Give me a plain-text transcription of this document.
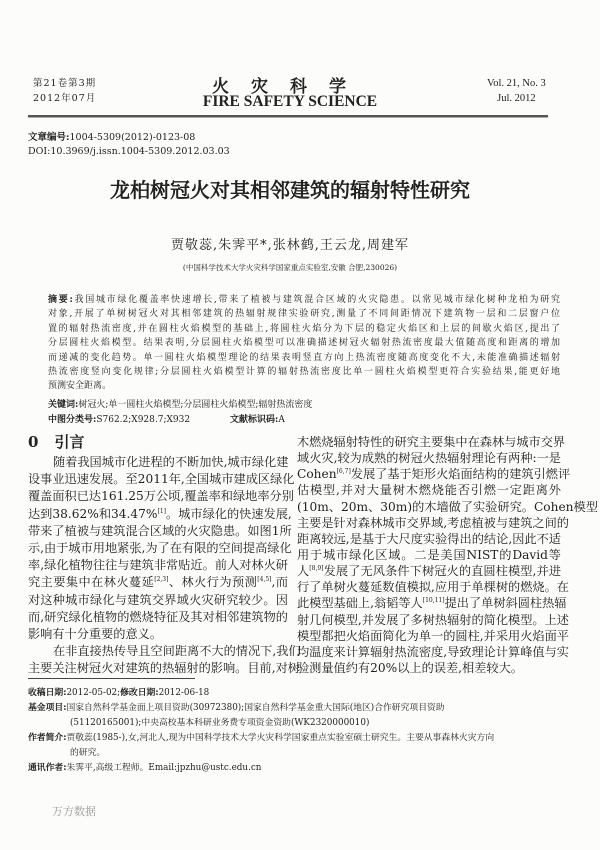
第21卷第3期
2012年07月
火灾科学
FIRE SAFETY SCIENCE
Vol. 21, No. 3
Jul. 2012
文章编号:1004-5309(2012)-0123-08
DOI:10.3969/j.issn.1004-5309.2012.03.03
龙柏树冠火对其相邻建筑的辐射特性研究
贾敬蕊,朱霁平*,张林鹤,王云龙,周建军
(中国科学技术大学火灾科学国家重点实验室,安徽 合肥,230026)
摘要:我国城市绿化覆盖率快速增长,带来了植被与建筑混合区域的火灾隐患。以常见城市绿化树种龙柏为研究
对象,开展了单树树冠火对其相邻建筑的热辐射规律实验研究,测量了不同间距情况下建筑物一层和二层窗户位
置的辐射热流密度,并在圆柱火焰模型的基础上,将圆柱火焰分为下层的稳定火焰区和上层的间歇火焰区,提出了
分层圆柱火焰模型。结果表明,分层圆柱火焰模型可以准确描述树冠火辐射热流密度最大值随高度和距离的增加
而递减的变化趋势。单一圆柱火焰模型理论的结果表明竖直方向上热流密度随高度变化不大,未能准确描述辐射
热流密度竖向变化规律;分层圆柱火焰模型计算的辐射热流密度比单一圆柱火焰模型更符合实验结果,能更好地
预测安全距离。
关键词:树冠火;单一圆柱火焰模型;分层圆柱火焰模型;辐射热流密度
中图分类号:S762.2;X928.7;X932	文献标识码:A
0 引言
随着我国城市化进程的不断加快,城市绿化建
设事业迅速发展。至2011年,全国城市建成区绿化
覆盖面积已达161.25万公顷,覆盖率和绿地率分别
达到38.62%和34.47%[1]。城市绿化的快速发展,
带来了植被与建筑混合区域的火灾隐患。如图1所
示,由于城市用地紧张,为了在有限的空间提高绿化
率,绿化植物往往与建筑非常贴近。前人对林火研
究主要集中在林火蔓延[2,3]、林火行为预测[4,5],而
对这种城市绿化与建筑交界域火灾研究较少。因
而,研究绿化植物的燃烧特征及其对相邻建筑物的
影响有十分重要的意义。
在非直接热传导且空间距离不大的情况下,我们
主要关注树冠火对建筑的热辐射的影响。目前,对树
木燃烧辐射特性的研究主要集中在森林与城市交界
域火灾,较为成熟的树冠火热辐射理论有两种:一是
Cohen[6,7]发展了基于矩形火焰面结构的建筑引燃评
估模型,并对大量树木燃烧能否引燃一定距离外
(10m、20m、30m)的木墙做了实验研究。Cohen模型
主要是针对森林城市交界域,考虑植被与建筑之间的
距离较远,是基于大尺度实验得出的结论,因此不适
用于城市绿化区域。二是美国NIST的David等
人[8,9]发展了无风条件下树冠火的直圆柱模型,并进
行了单树火蔓延数值模拟,应用于单棵树的燃烧。在
此模型基础上,翁韬等人[10,11]提出了单树斜圆柱热辐
射几何模型,并发展了多树热辐射的简化模型。上述
模型都把火焰面简化为单一的圆柱,并采用火焰面平
均温度来计算辐射热流密度,导致理论计算峰值与实
验测量值约有20%以上的误差,相差较大。
收稿日期:2012-05-02;修改日期:2012-06-18
基金项目:国家自然科学基金面上项目资助(30972380);国家自然科学基金重大国际(地区)合作研究项目资助
(51120165001);中央高校基本科研业务费专项资金资助(WK2320000010)
作者简介:贾敬蕊(1985-),女,河北人,现为中国科学技术大学火灾科学国家重点实验室硕士研究生。主要从事森林火灾方向
的研究。
通讯作者:朱霁平,高级工程师。Email:jpzhu@ustc.edu.cn
万方数据
